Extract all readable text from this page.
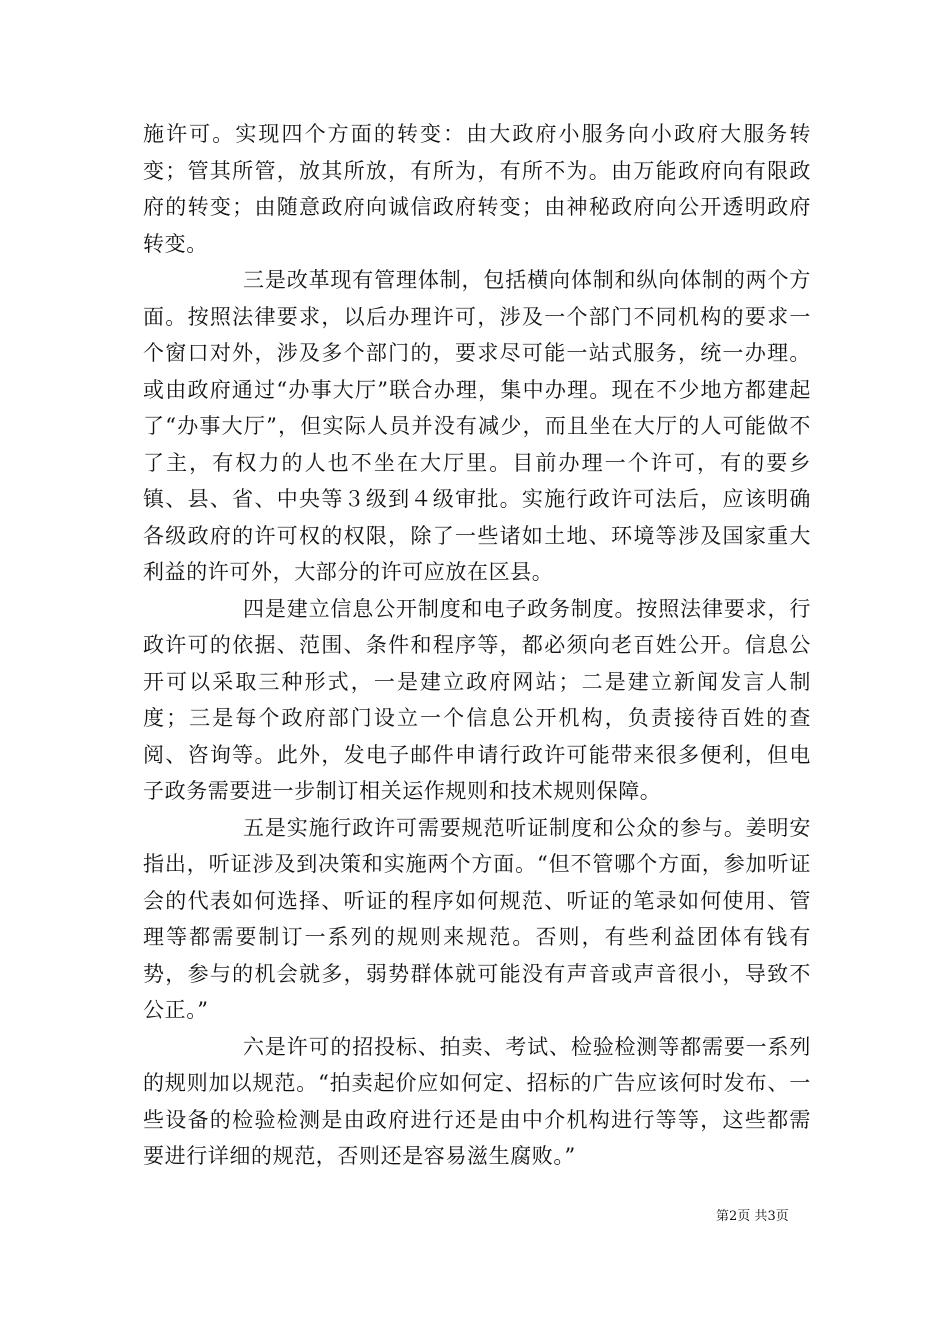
施许可。实现四个方面的转变：由大政府小服务向小政府大服务转变；管其所管，放其所放，有所为，有所不为。由万能政府向有限政府的转变；由随意政府向诚信政府转变；由神秘政府向公开透明政府转变。

三是改革现有管理体制，包括横向体制和纵向体制的两个方面。按照法律要求，以后办理许可，涉及一个部门不同机构的要求一个窗口对外，涉及多个部门的，要求尽可能一站式服务，统一办理。或由政府通过“办事大厅”联合办理，集中办理。现在不少地方都建起了“办事大厅”，但实际人员并没有减少，而且坐在大厅的人可能做不了主，有权力的人也不坐在大厅里。目前办理一个许可，有的要乡镇、县、省、中央等３级到４级审批。实施行政许可法后，应该明确各级政府的许可权的权限，除了一些诸如土地、环境等涉及国家重大利益的许可外，大部分的许可应放在区县。

四是建立信息公开制度和电子政务制度。按照法律要求，行政许可的依据、范围、条件和程序等，都必须向老百姓公开。信息公开可以采取三种形式，一是建立政府网站；二是建立新闻发言人制度；三是每个政府部门设立一个信息公开机构，负责接待百姓的查阅、咨询等。此外，发电子邮件申请行政许可能带来很多便利，但电子政务需要进一步制订相关运作规则和技术规则保障。

五是实施行政许可需要规范听证制度和公众的参与。姜明安指出，听证涉及到决策和实施两个方面。“但不管哪个方面，参加听证会的代表如何选择、听证的程序如何规范、听证的笔录如何使用、管理等都需要制订一系列的规则来规范。否则，有些利益团体有钱有势，参与的机会就多，弱势群体就可能没有声音或声音很小，导致不公正。”

六是许可的招投标、拍卖、考试、检验检测等都需要一系列的规则加以规范。“拍卖起价应如何定、招标的广告应该何时发布、一些设备的检验检测是由政府进行还是由中介机构进行等等，这些都需要进行详细的规范，否则还是容易滋生腐败。”

第2页 共3页
